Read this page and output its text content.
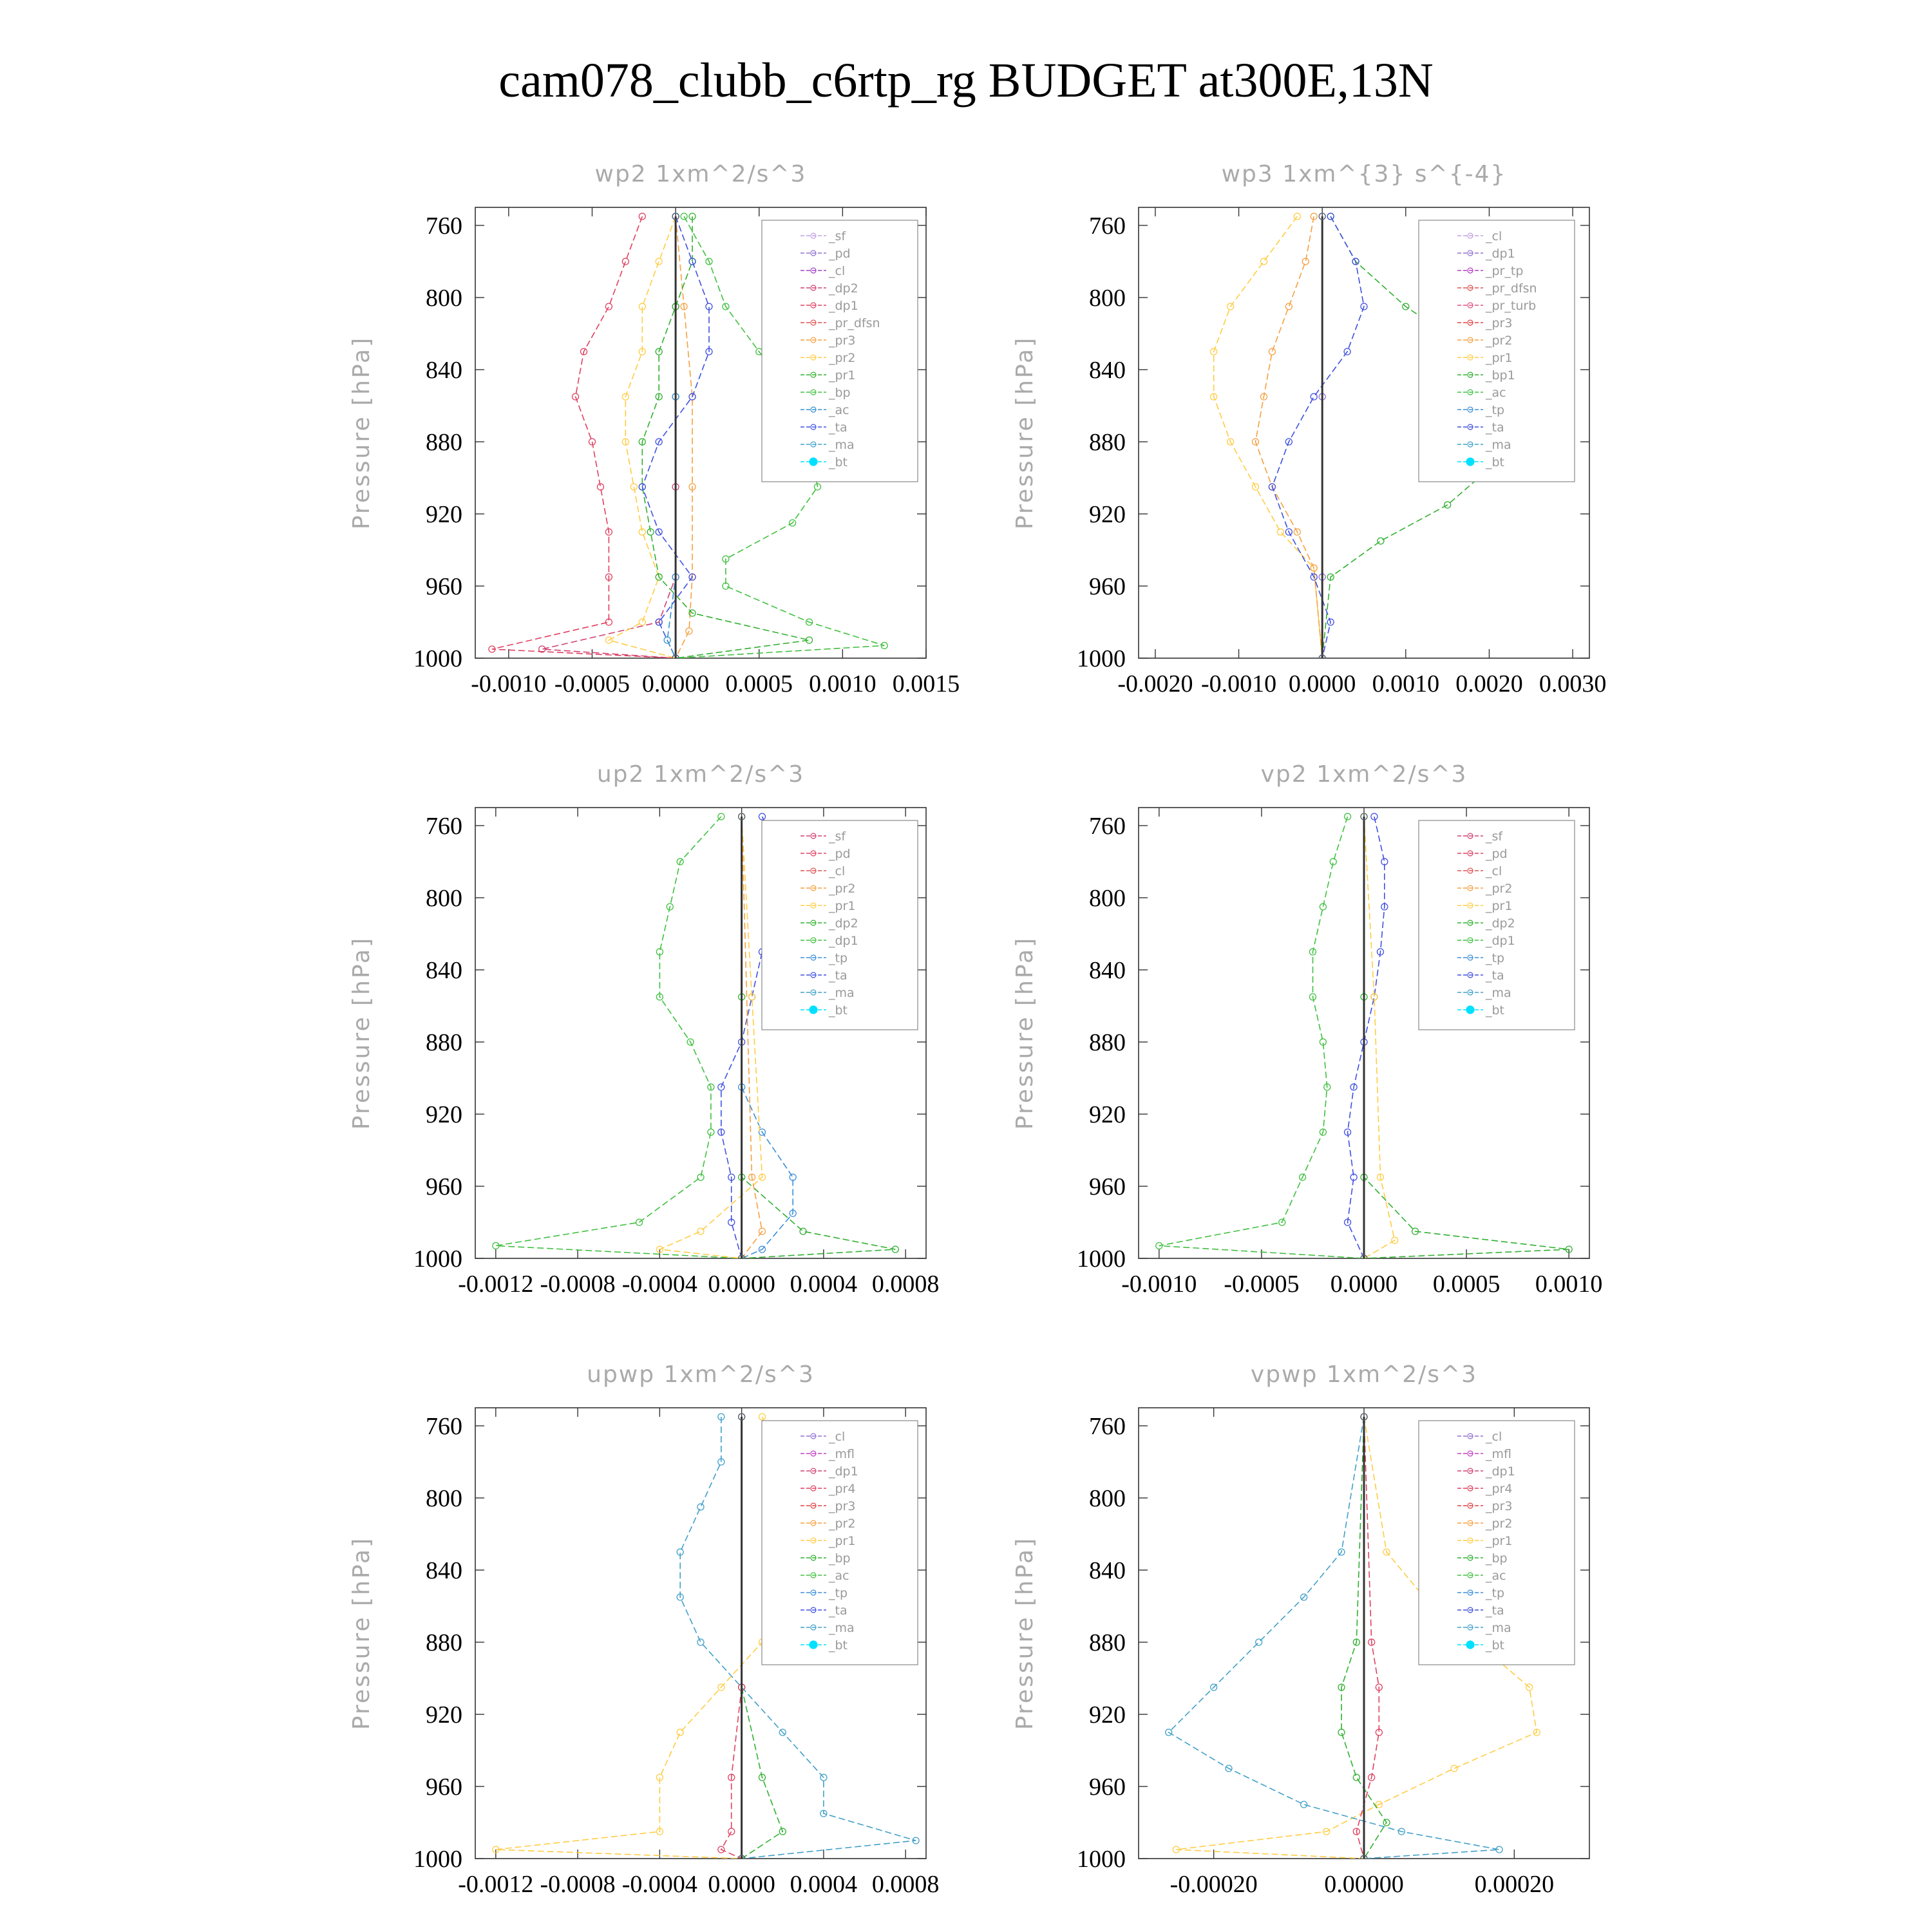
cam078_clubb_c6rtp_rg BUDGET at300E,13N
wp2 1xm^2/s^3
Pressure [hPa]
760
800
840
880
920
960
1000
-0.0010 -0.0005 0.0000 0.0005 0.0010 0.0015
_sf
_pd
_cl
_dp2
_dp1
_pr_dfsn
_pr3
_pr2
_pr1
_bp
_ac
_ta
_ma
_bt
wp3 1xm^{3} s^{-4}
Pressure [hPa]
760
800
840
880
920
960
1000
-0.0020 -0.0010 0.0000 0.0010 0.0020 0.0030
_cl
_dp1
_pr_tp
_pr_dfsn
_pr_turb
_pr3
_pr2
_pr1
_bp1
_ac
_tp
_ta
_ma
_bt
up2 1xm^2/s^3
Pressure [hPa]
760
800
840
880
920
960
1000
-0.0012 -0.0008 -0.0004 0.0000 0.0004 0.0008
_sf
_pd
_cl
_pr2
_pr1
_dp2
_dp1
_tp
_ta
_ma
_bt
vp2 1xm^2/s^3
Pressure [hPa]
760
800
840
880
920
960
1000
-0.0010 -0.0005 0.0000 0.0005 0.0010
_sf
_pd
_cl
_pr2
_pr1
_dp2
_dp1
_tp
_ta
_ma
_bt
upwp 1xm^2/s^3
Pressure [hPa]
760
800
840
880
920
960
1000
-0.0012 -0.0008 -0.0004 0.0000 0.0004 0.0008
_cl
_mfl
_dp1
_pr4
_pr3
_pr2
_pr1
_bp
_ac
_tp
_ta
_ma
_bt
vpwp 1xm^2/s^3
Pressure [hPa]
760
800
840
880
920
960
1000
-0.00020	0.00000	0.00020
_cl
_mfl
_dp1
_pr4
_pr3
_pr2
_pr1
_bp
_ac
_tp
_ta
_ma
_bt
